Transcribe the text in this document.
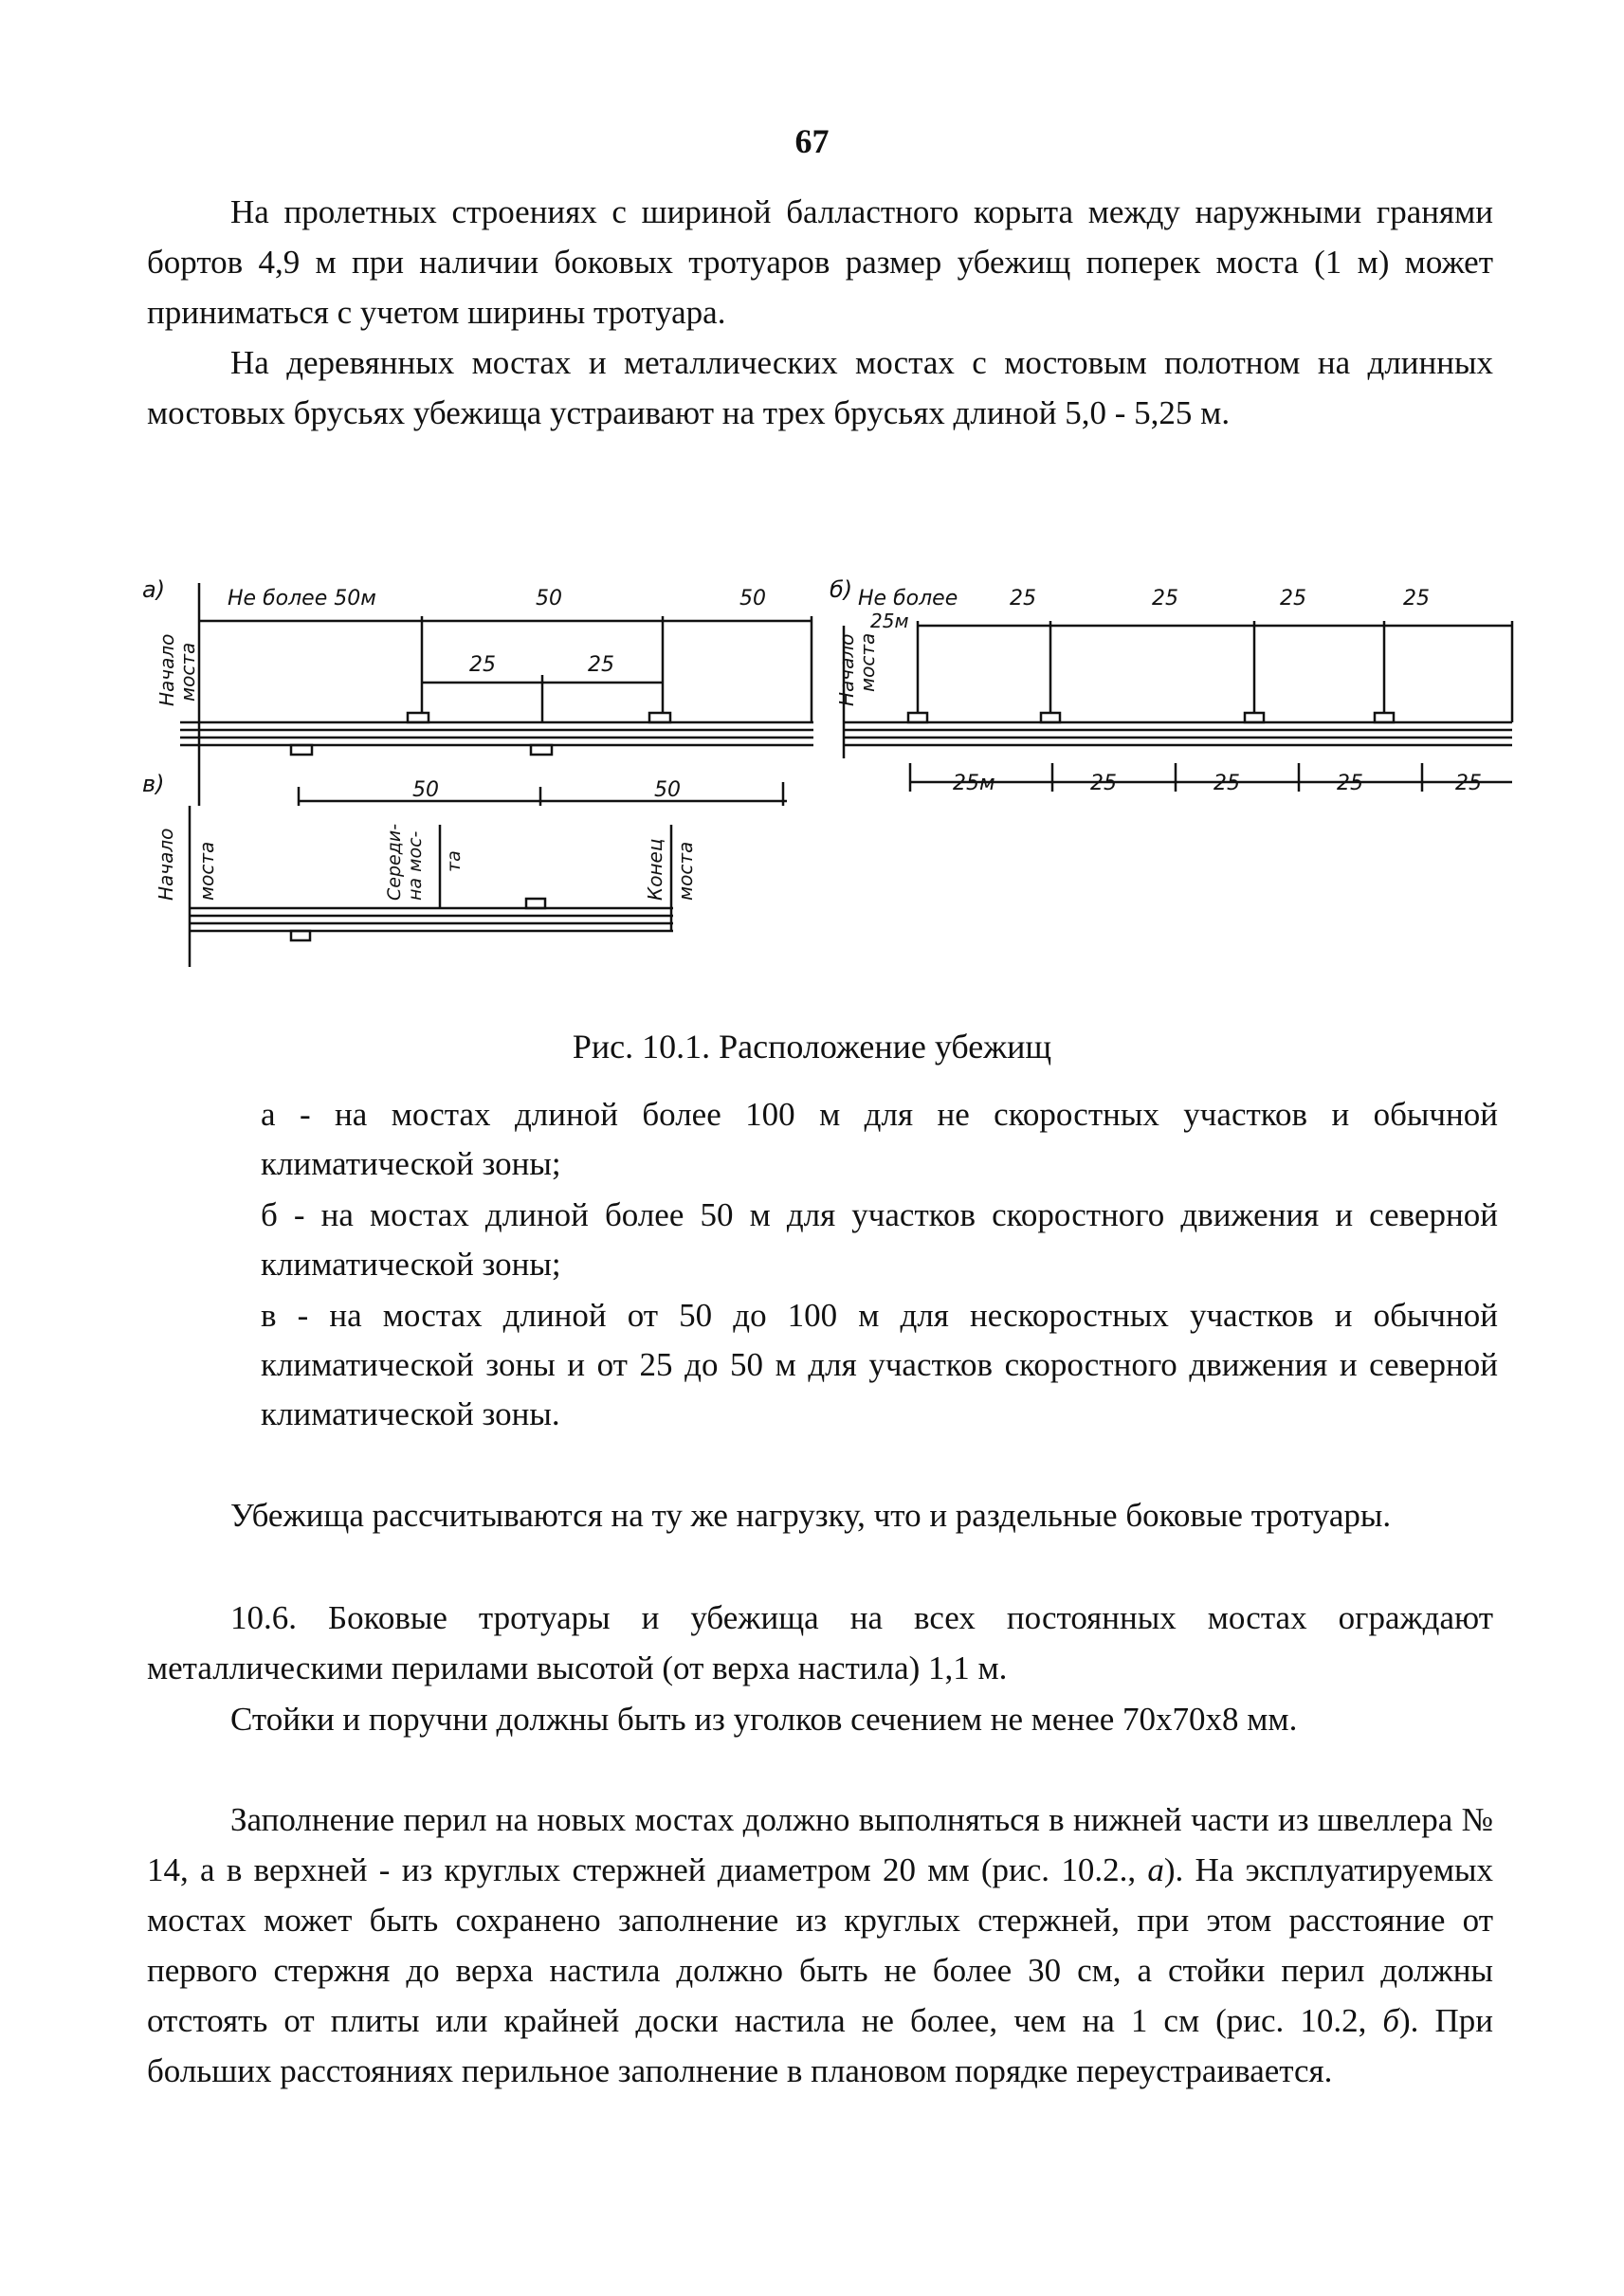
67

На пролетных строениях с шириной балластного корыта между наружными гранями бортов 4,9 м при наличии боковых тротуаров размер убежищ поперек моста (1 м) может приниматься с учетом ширины тротуара.

На деревянных мостах и металлических мостах с мостовым полотном на длинных мостовых брусьях убежища устраивают на трех брусьях длиной 5,0 - 5,25 м.

а)	Не более 50м	50	50
25	25
Начало
моста
в)	50	50
Начало моста	Середи- на мос- та	Конец моста
б) Не более
25м
25	25	25	25
Начало
моста
25м	25	25	25	25
Рис. 10.1. Расположение убежищ

а - на мостах длиной более 100 м для не скоростных участков и обычной климатической зоны;

б - на мостах длиной более 50 м для участков скоростного движения и северной климатической зоны;

в - на мостах длиной от 50 до 100 м для нескоростных участков и обычной климатической зоны и от 25 до 50 м для участков скоростного движения и северной климатической зоны.

Убежища рассчитываются на ту же нагрузку, что и раздельные боковые тротуары.

10.6. Боковые тротуары и убежища на всех постоянных мостах ограждают металлическими перилами высотой (от верха настила) 1,1 м.

Стойки и поручни должны быть из уголков сечением не менее 70х70х8 мм.

Заполнение перил на новых мостах должно выполняться в нижней части из швеллера № 14, а в верхней - из круглых стержней диаметром 20 мм (рис. 10.2., а). На эксплуатируемых мостах может быть сохранено заполнение из круглых стержней, при этом расстояние от первого стержня до верха настила должно быть не более 30 см, а стойки перил должны отстоять от плиты или крайней доски настила не более, чем на 1 см (рис. 10.2, б). При больших расстояниях перильное заполнение в плановом порядке переустраивается.
